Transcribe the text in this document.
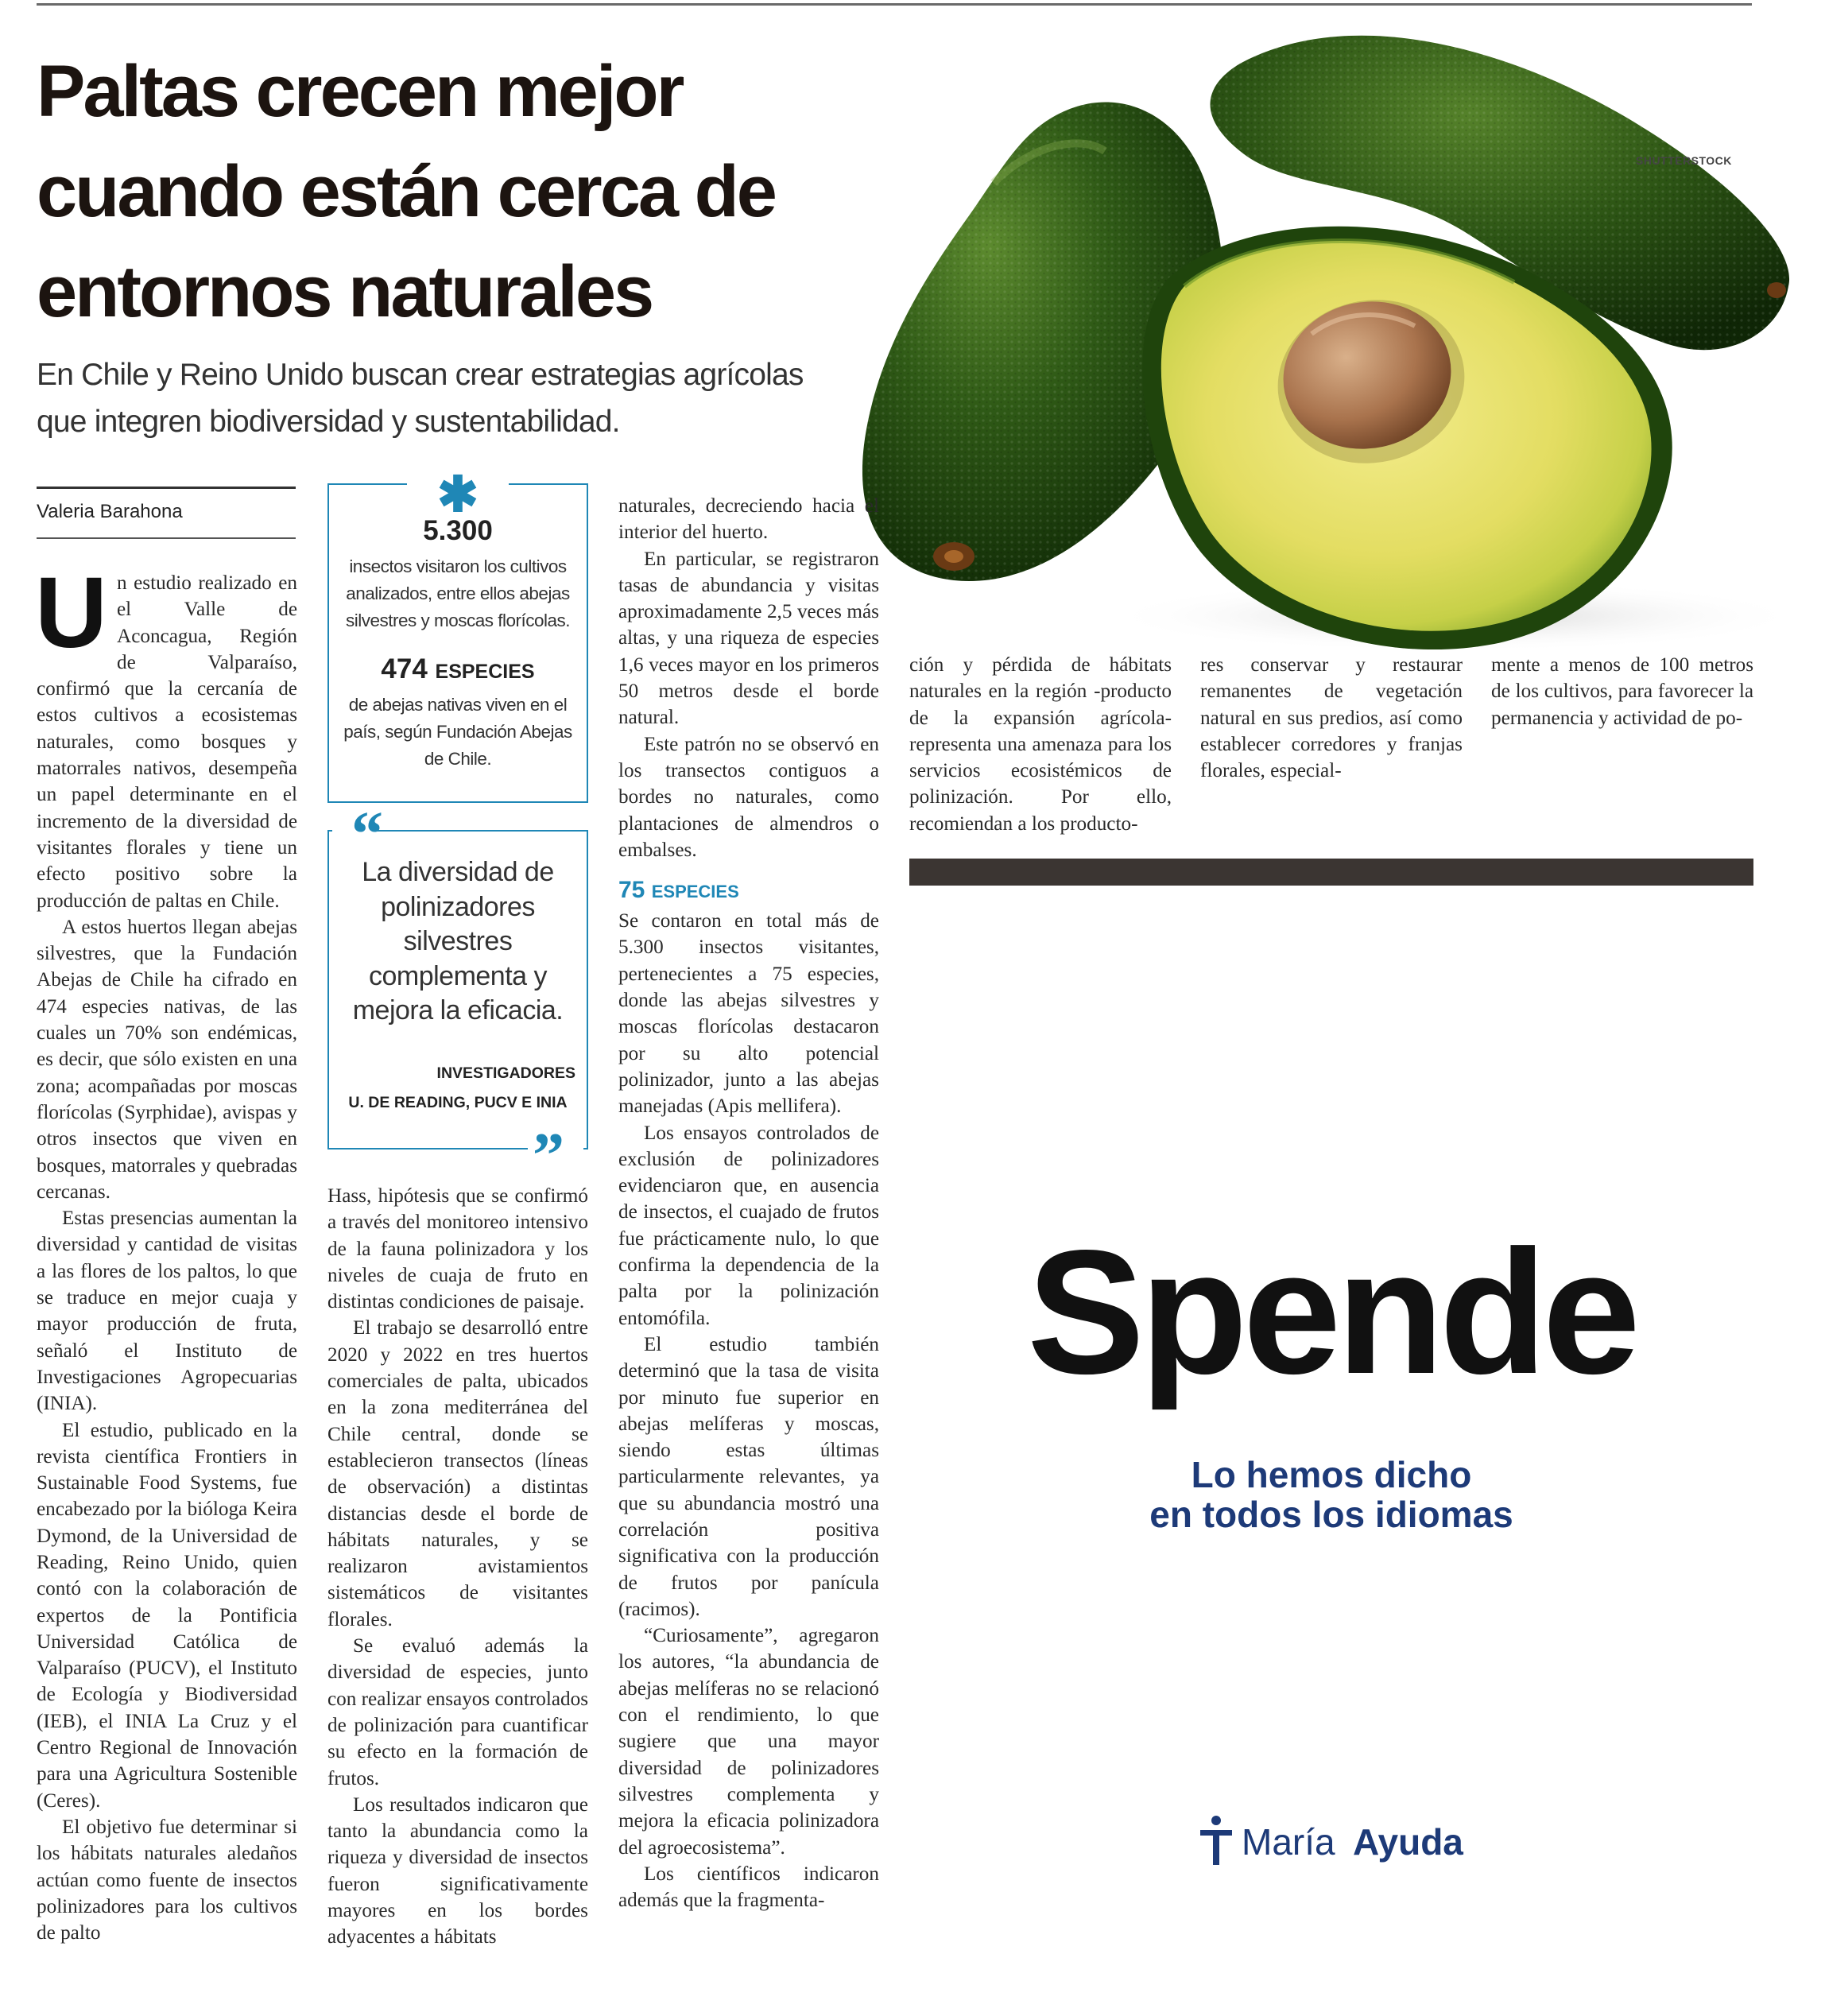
Paltas crecen mejor
cuando están cerca de
entornos naturales
En Chile y Reino Unido buscan crear estrategias agrícolas
que integren biodiversidad y sustentabilidad.
SHUTTERSTOCK
Valeria Barahona

Un estudio realizado en el Valle de Aconcagua, Región de Valparaíso, confirmó que la cercanía de estos cultivos a ecosistemas naturales, como bosques y matorrales nativos, desempeña un papel determinante en el incremento de la diversidad de visitantes florales y tiene un efecto positivo sobre la producción de paltas en Chile.

A estos huertos llegan abejas silvestres, que la Fundación Abejas de Chile ha cifrado en 474 especies nativas, de las cuales un 70% son endémicas, es decir, que sólo existen en una zona; acompañadas por moscas florícolas (Syrphidae), avispas y otros insectos que viven en bosques, matorrales y quebradas cercanas.

Estas presencias aumentan la diversidad y cantidad de visitas a las flores de los paltos, lo que se traduce en mejor cuaja y mayor producción de fruta, señaló el Instituto de Investigaciones Agropecuarias (INIA).

El estudio, publicado en la revista científica Frontiers in Sustainable Food Systems, fue encabezado por la bióloga Keira Dymond, de la Universidad de Reading, Reino Unido, quien contó con la colaboración de expertos de la Pontificia Universidad Católica de Valparaíso (PUCV), el Instituto de Ecología y Biodiversidad (IEB), el INIA La Cruz y el Centro Regional de Innovación para una Agricultura Sostenible (Ceres).

El objetivo fue determinar si los hábitats naturales aledaños actúan como fuente de insectos polinizadores para los cultivos de palto

✱
5.300
insectos visitaron los cultivos analizados, entre ellos abejas silvestres y moscas florícolas.
474 ESPECIES
de abejas nativas viven en el país, según Fundación Abejas de Chile.
“
La diversidad de polinizadores silvestres complementa y mejora la eficacia.
INVESTIGADORES
U. DE READING, PUCV E INIA
”

Hass, hipótesis que se confirmó a través del monitoreo intensivo de la fauna polinizadora y los niveles de cuaja de fruto en distintas condiciones de paisaje.

El trabajo se desarrolló entre 2020 y 2022 en tres huertos comerciales de palta, ubicados en la zona mediterránea del Chile central, donde se establecieron transectos (líneas de observación) a distintas distancias desde el borde de hábitats naturales, y se realizaron avistamientos sistemáticos de visitantes florales.

Se evaluó además la diversidad de especies, junto con realizar ensayos controlados de polinización para cuantificar su efecto en la formación de frutos.

Los resultados indicaron que tanto la abundancia como la riqueza y diversidad de insectos fueron significativamente mayores en los bordes adyacentes a hábitats

naturales, decreciendo hacia el interior del huerto.

En particular, se registraron tasas de abundancia y visitas aproximadamente 2,5 veces más altas, y una riqueza de especies 1,6 veces mayor en los primeros 50 metros desde el borde natural.

Este patrón no se observó en los transectos contiguos a bordes no naturales, como plantaciones de almendros o embalses.

75 ESPECIES

Se contaron en total más de 5.300 insectos visitantes, pertenecientes a 75 especies, donde las abejas silvestres y moscas florícolas destacaron por su alto potencial polinizador, junto a las abejas manejadas (Apis mellifera).

Los ensayos controlados de exclusión de polinizadores evidenciaron que, en ausencia de insectos, el cuajado de frutos fue prácticamente nulo, lo que confirma la dependencia de la palta por la polinización entomófila.

El estudio también determinó que la tasa de visita por minuto fue superior en abejas melíferas y moscas, siendo estas últimas particularmente relevantes, ya que su abundancia mostró una correlación positiva significativa con la producción de frutos por panícula (racimos).

“Curiosamente”, agregaron los autores, “la abundancia de abejas melíferas no se relacionó con el rendimiento, lo que sugiere que una mayor diversidad de polinizadores silvestres complementa y mejora la eficacia polinizadora del agroecosistema”.

Los científicos indicaron además que la fragmenta-

ción y pérdida de hábitats naturales en la región -producto de la expansión agrícola- representa una amenaza para los servicios ecosistémicos de polinización. Por ello, recomiendan a los producto-

res conservar y restaurar remanentes de vegetación natural en sus predios, así como establecer corredores y franjas florales, especial-

mente a menos de 100 metros de los cultivos, para favorecer la permanencia y actividad de po-

Spende
Lo hemos dicho
en todos los idiomas
María Ayuda
